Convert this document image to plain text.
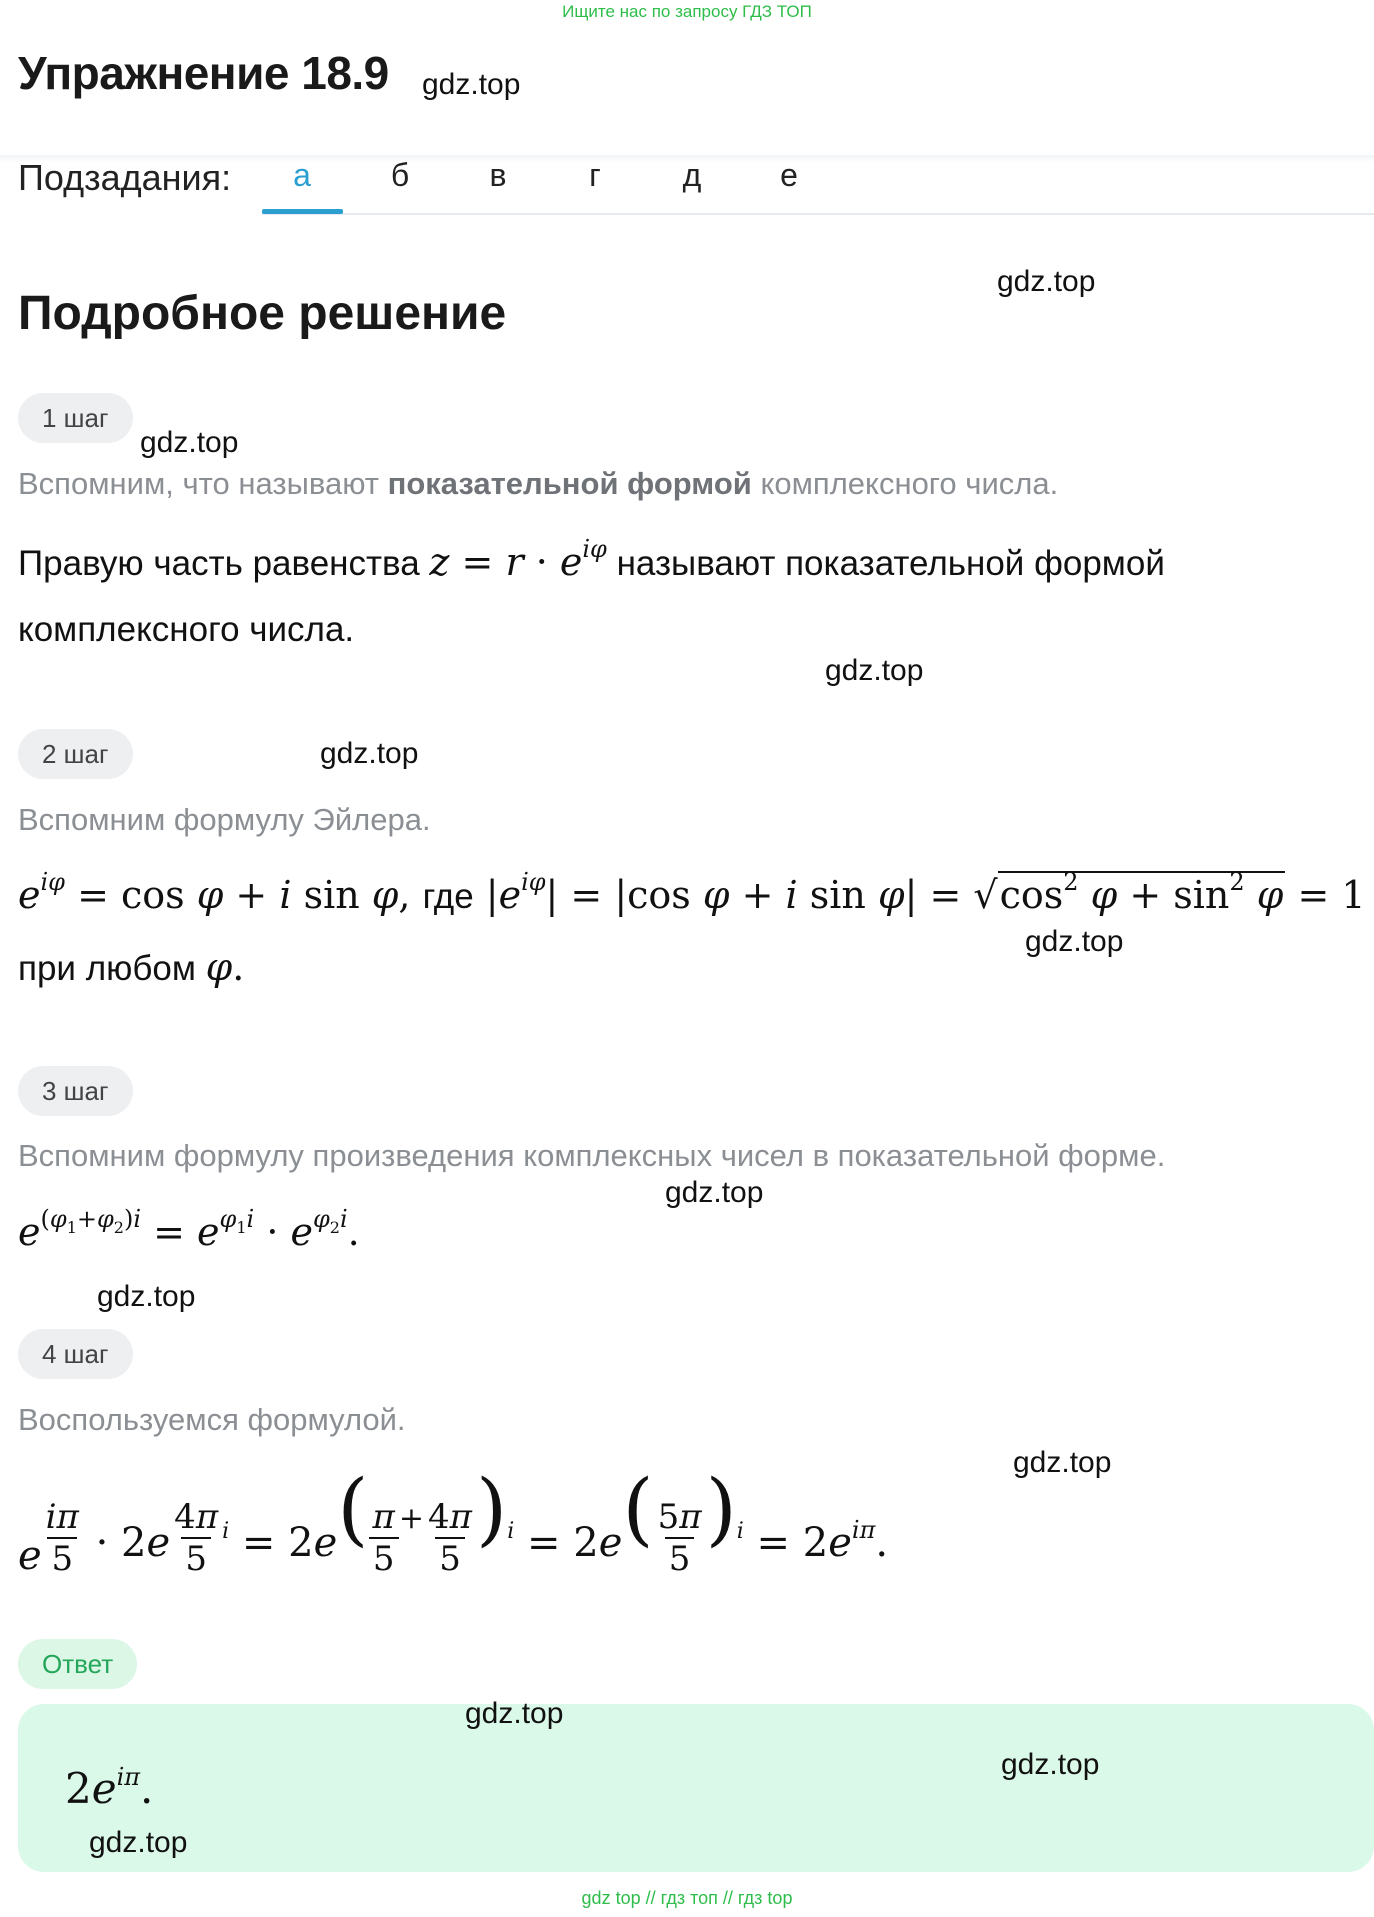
Ищите нас по запросу ГДЗ ТОП
Упражнение 18.9 gdz.top
Подзадания:	а	б	в	г	д	е
Подробное решение
gdz.top
1 шаг
gdz.top
Вспомним, что называют показательной формой комплексного числа.
Правую часть равенства $z = r \cdot e^{i\varphi}$ называют показательной формой
комплексного числа.
gdz.top
2 шаг	gdz.top
Вспомним формулу Эйлера.
$e^{i\varphi} = \cos \varphi + i$ sin φ, где $|e^{i\varphi}| = |\cos$ φ + i $\sin \varphi| = √\cos^2$ $\varphi + \sin^2 \varphi = 1$
gdz.top
при любом φ.
3 шаг
Вспомним формулу произведения комплексных чисел в показательной форме.
gdz.top
$e^{(\varphi_1+\varphi_2)i} = e^{\varphi_1i} \cdot e^{\varphi_2i}$.
gdz.top
4 шаг
Воспользуемся формулой.
gdz.top
e $\frac{i\pi}{5} \cdot 2e \frac{4\pi}{5} ^i = 2e( \frac{\pi}{5} ^+ \frac{4\pi}{5} )^i = 2e( \frac{5\pi}{5} )^i = 2e^{i\pi}$.
Ответ
gdz.top
$2e^{i\pi}$.	gdz.top
gdz.top
gdz top // гдз топ // гдз top
